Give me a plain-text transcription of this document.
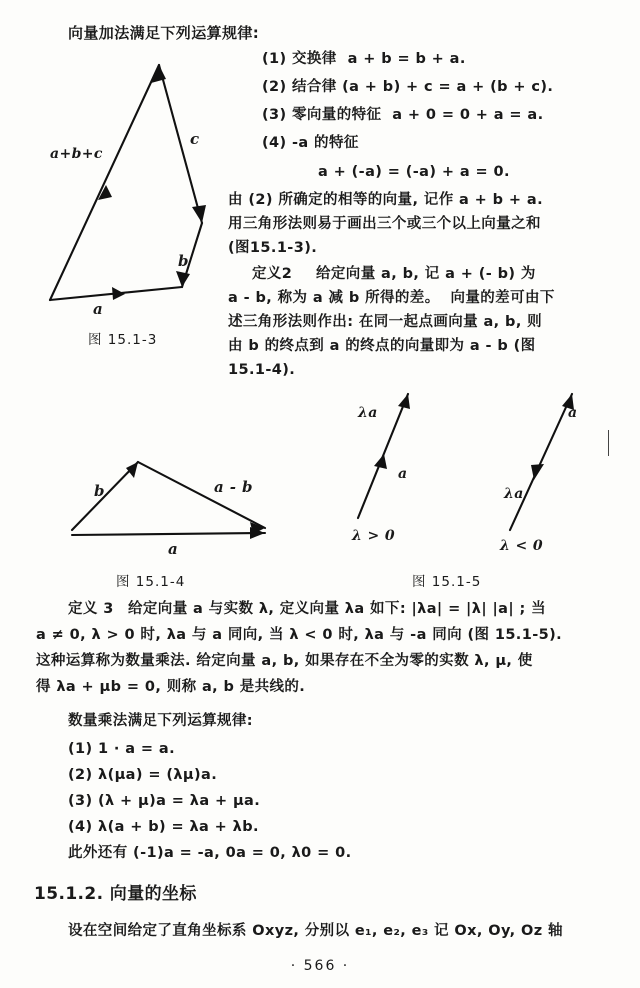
向量加法满足下列运算规律:
(1) 交换律  a + b = b + a.
(2) 结合律 (a + b) + c = a + (b + c).
(3) 零向量的特征  a + 0 = 0 + a = a.
(4) -a 的特征
a + (-a) = (-a) + a = 0.
由 (2) 所确定的相等的向量, 记作 a + b + a.
用三角形法则易于画出三个或三个以上向量之和
(图15.1-3).
定义2 给定向量 a, b, 记 a + (- b) 为
a - b, 称为 a 减 b 所得的差。  向量的差可由下
述三角形法则作出: 在同一起点画向量 a, b, 则
由 b 的终点到 a 的终点的向量即为 a - b (图
15.1-4).
a+b+c
c
b
a
图 15.1-3
b	a - b
a
图 15.1-4
λa
a
λ > 0
a
λa
λ < 0
图 15.1-5
定义 3 给定向量 a 与实数 λ, 定义向量 λa 如下: |λa| = |λ| |a| ; 当
a ≠ 0, λ > 0 时, λa 与 a 同向, 当 λ < 0 时, λa 与 -a 同向 (图 15.1-5).
这种运算称为数量乘法. 给定向量 a, b, 如果存在不全为零的实数 λ, μ, 使
得 λa + μb = 0, 则称 a, b 是共线的.
数量乘法满足下列运算规律:
(1) 1 · a = a.
(2) λ(μa) = (λμ)a.
(3) (λ + μ)a = λa + μa.
(4) λ(a + b) = λa + λb.
此外还有 (-1)a = -a, 0a = 0, λ0 = 0.
15.1.2. 向量的坐标
设在空间给定了直角坐标系 Oxyz, 分别以 e₁, e₂, e₃ 记 Ox, Oy, Oz 轴
· 566 ·
